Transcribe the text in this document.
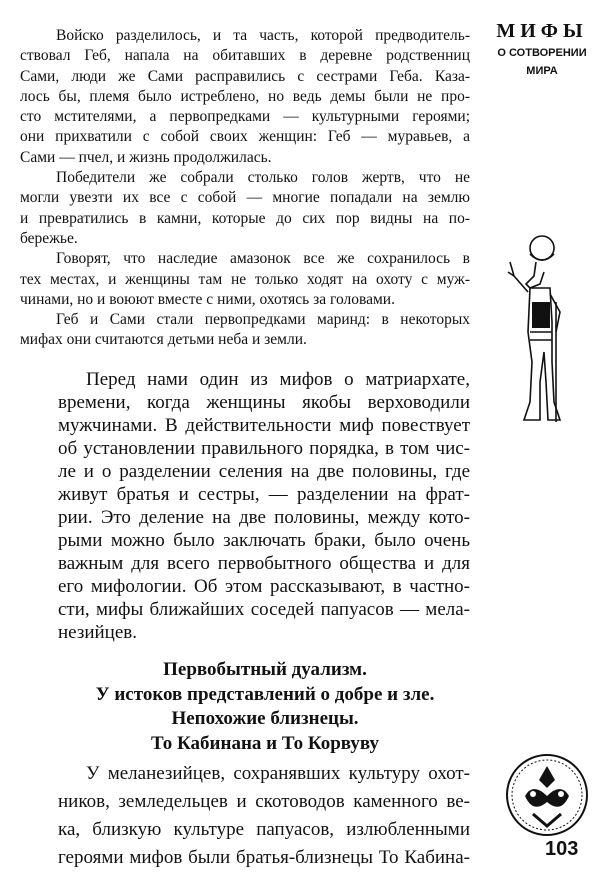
Войско разделилось, и та часть, которой предводитель-
ствовал Геб, напала на обитавших в деревне родственниц
Сами, люди же Сами расправились с сестрами Геба. Каза-
лось бы, племя было истреблено, но ведь демы были не про-
сто мстителями, а первопредками — культурными героями;
они прихватили с собой своих женщин: Геб — муравьев, а
Сами — пчел, и жизнь продолжилась.
Победители же собрали столько голов жертв, что не
могли увезти их все с собой — многие попадали на землю
и превратились в камни, которые до сих пор видны на по-
бережье.
Говорят, что наследие амазонок все же сохранилось в
тех местах, и женщины там не только ходят на охоту с муж-
чинами, но и воюют вместе с ними, охотясь за головами.
Геб и Сами стали первопредками маринд: в некоторых
мифах они считаются детьми неба и земли.
Перед нами один из мифов о матриархате,
времени, когда женщины якобы верховодили
мужчинами. В действительности миф повествует
об установлении правильного порядка, в том чис-
ле и о разделении селения на две половины, где
живут братья и сестры, — разделении на фрат-
рии. Это деление на две половины, между кото-
рыми можно было заключать браки, было очень
важным для всего первобытного общества и для
его мифологии. Об этом рассказывают, в частно-
сти, мифы ближайших соседей папуасов — мела-
незийцев.
Первобытный дуализм.
У истоков представлений о добре и зле.
Непохожие близнецы.
То Кабинана и То Корвуву
У меланезийцев, сохранявших культуру охот-
ников, земледельцев и скотоводов каменного ве-
ка, близкую культуре папуасов, излюбленными
героями мифов были братья-близнецы То Кабина-
МИФЫ
О СОТВОРЕНИИ
МИРА
103
